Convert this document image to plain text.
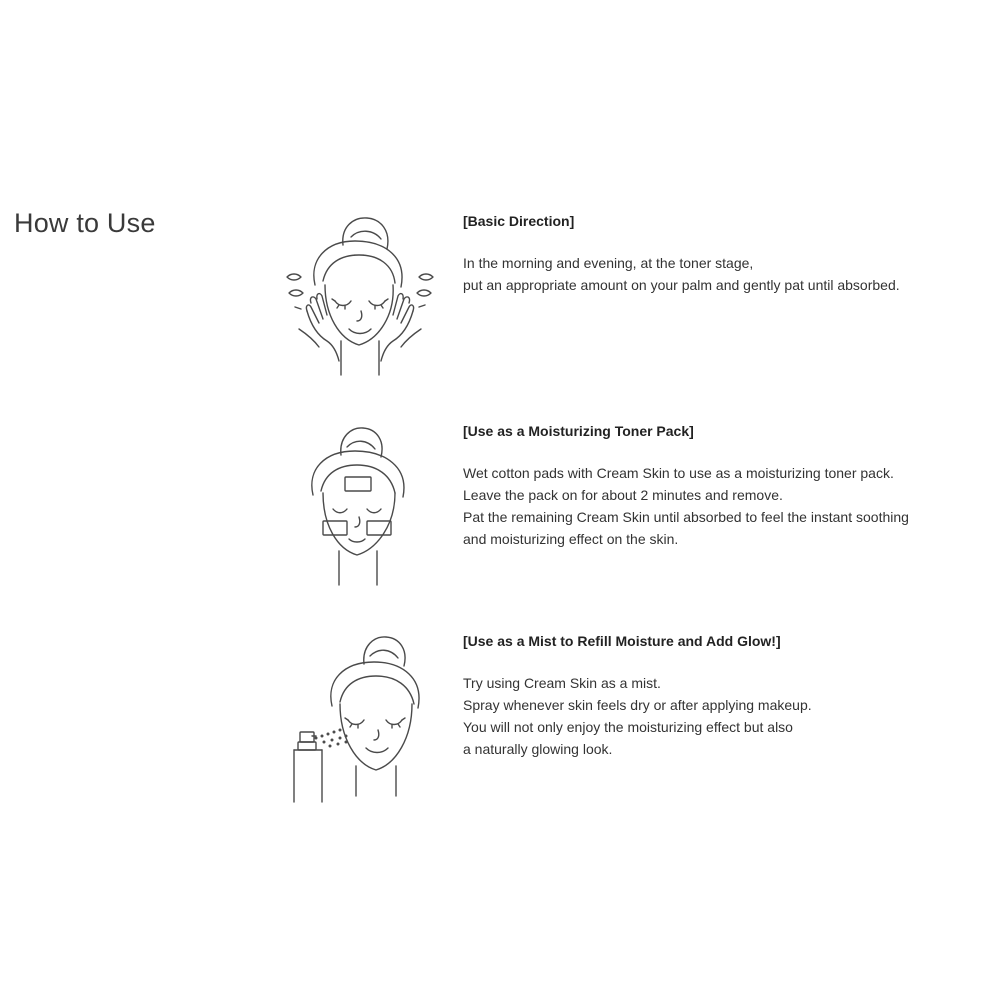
How to Use	[Basic Direction]

In the morning and evening, at the toner stage,

put an appropriate amount on your palm and gently pat until absorbed.

[Use as a Moisturizing Toner Pack]

Wet cotton pads with Cream Skin to use as a moisturizing toner pack.

Leave the pack on for about 2 minutes and remove.

Pat the remaining Cream Skin until absorbed to feel the instant soothing

and moisturizing effect on the skin.

[Use as a Mist to Refill Moisture and Add Glow!]

Try using Cream Skin as a mist.

Spray whenever skin feels dry or after applying makeup.

You will not only enjoy the moisturizing effect but also

a naturally glowing look.
